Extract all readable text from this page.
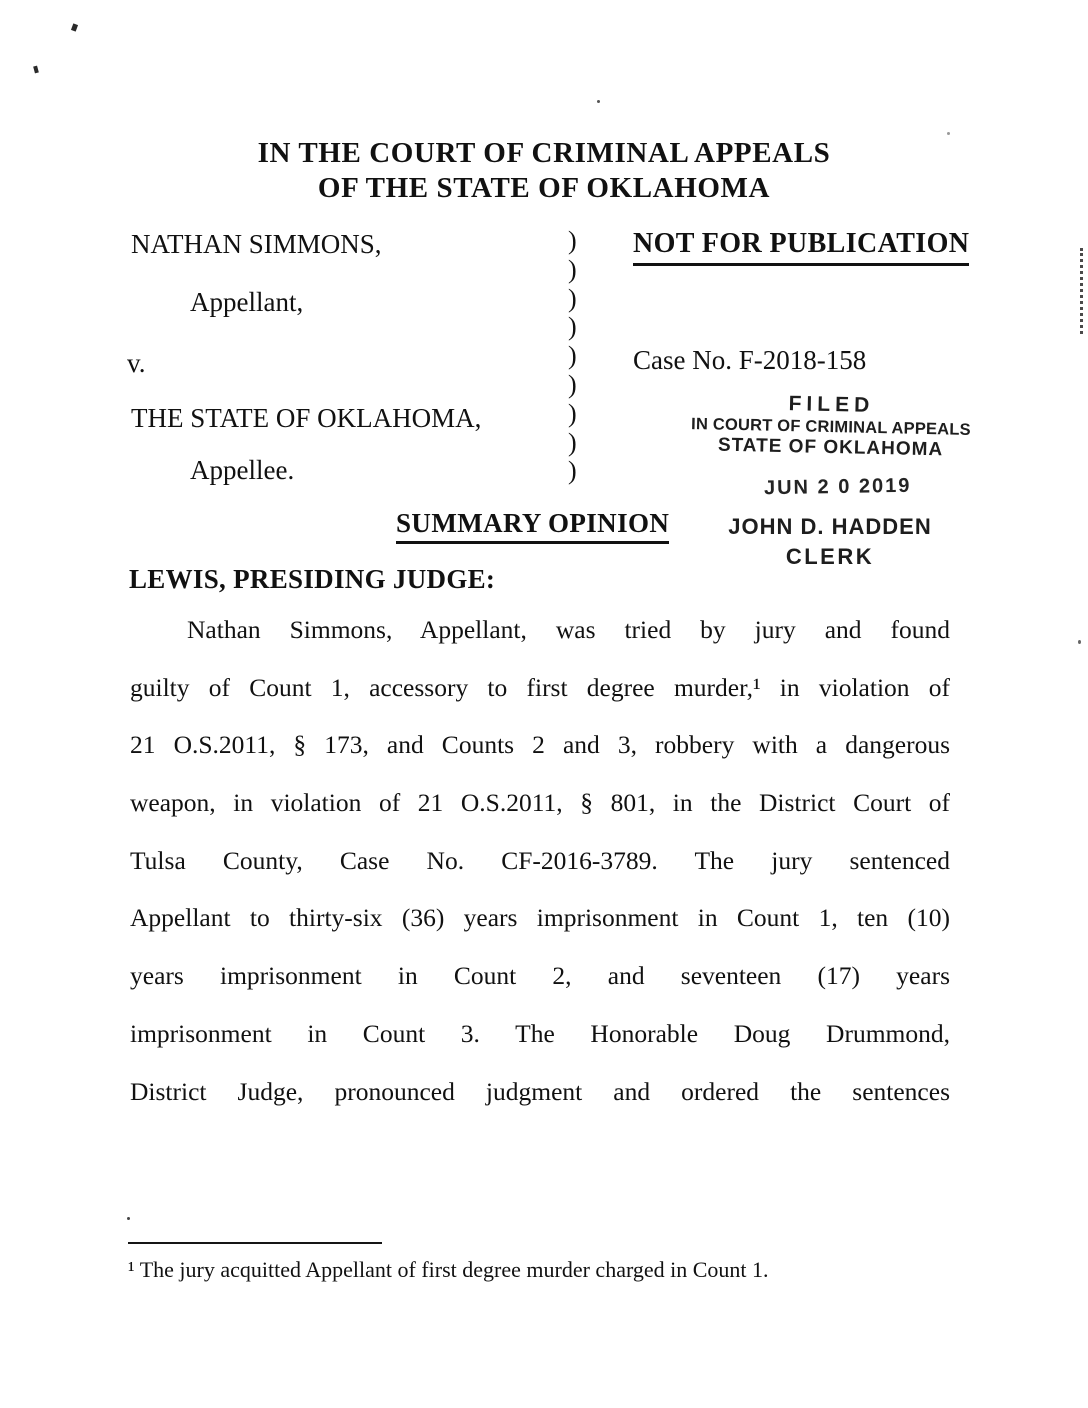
IN THE COURT OF CRIMINAL APPEALS
OF THE STATE OF OKLAHOMA
NATHAN SIMMONS,
Appellant,
v.
THE STATE OF OKLAHOMA,
Appellee.
)
)
)
)
)
)
)
)
)
NOT FOR PUBLICATION
Case No. F-2018-158
FILED
IN COURT OF CRIMINAL APPEALS
STATE OF OKLAHOMA
JUN 2 0 2019
JOHN D. HADDEN
CLERK
SUMMARY OPINION
LEWIS, PRESIDING JUDGE:
Nathan Simmons, Appellant, was tried by jury and found
guilty of Count 1, accessory to first degree murder,¹ in violation of
21 O.S.2011, § 173, and Counts 2 and 3, robbery with a dangerous
weapon, in violation of 21 O.S.2011, § 801, in the District Court of
Tulsa County, Case No. CF-2016-3789. The jury sentenced
Appellant to thirty-six (36) years imprisonment in Count 1, ten (10)
years imprisonment in Count 2, and seventeen (17) years
imprisonment in Count 3. The Honorable Doug Drummond,
District Judge, pronounced judgment and ordered the sentences
¹ The jury acquitted Appellant of first degree murder charged in Count 1.
